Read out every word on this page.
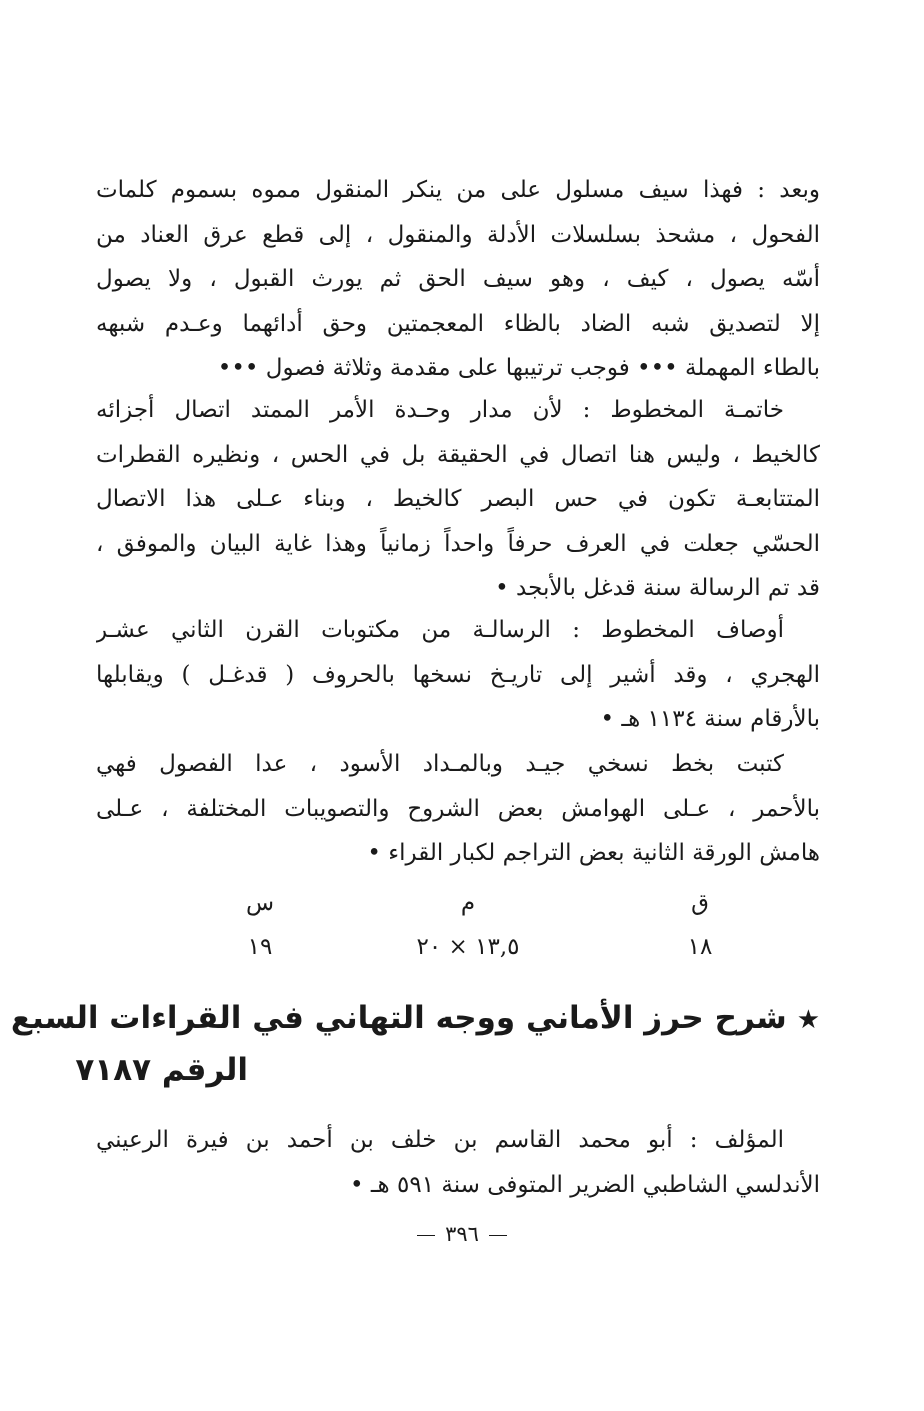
وبعد : فهذا سيف مسلول على من ينكر المنقول مموه بسموم كلمات
الفحول ، مشحذ بسلسلات الأدلة والمنقول ، إلى قطع عرق العناد من
أسّه يصول ، كيف ، وهو سيف الحق ثم يورث القبول ، ولا يصول
إلا لتصديق شبه الضاد بالظاء المعجمتين وحق أدائهما وعـدم شبهه
بالطاء المهملة ••• فوجب ترتيبها على مقدمة وثلاثة فصول •••
خاتمـة المخطوط : لأن مدار وحـدة الأمر الممتد اتصال أجزائه
كالخيط ، وليس هنا اتصال في الحقيقة بل في الحس ، ونظيره القطرات
المتتابعـة تكون في حس البصر كالخيط ، وبناء عـلى هذا الاتصال
الحسّي جعلت في العرف حرفاً واحداً زمانياً وهذا غاية البيان والموفق ،
قد تم الرسالة سنة قدغل بالأبجد •
أوصاف المخطوط : الرسالـة من مكتوبات القرن الثاني عشـر
الهجري ، وقد أشير إلى تاريـخ نسخها بالحروف ( قدغـل ) ويقابلها
بالأرقام سنة ١١٣٤ هـ •
كتبت بخط نسخي جيـد وبالمـداد الأسود ، عدا الفصول فهي
بالأحمر ، عـلى الهوامش بعض الشروح والتصويبات المختلفة ، عـلى
هامش الورقة الثانية بعض التراجم لكبار القراء •
ق
م
س
١٨
١٣,٥ × ٢٠
١٩
★شرح حرز الأماني ووجه التهاني في القراءات السبع
الرقم ٧١٨٧
المؤلف : أبو محمد القاسم بن خلف بن أحمد بن فيرة الرعيني
الأندلسي الشاطبي الضرير المتوفى سنة ٥٩١ هـ •
٣٩٦
